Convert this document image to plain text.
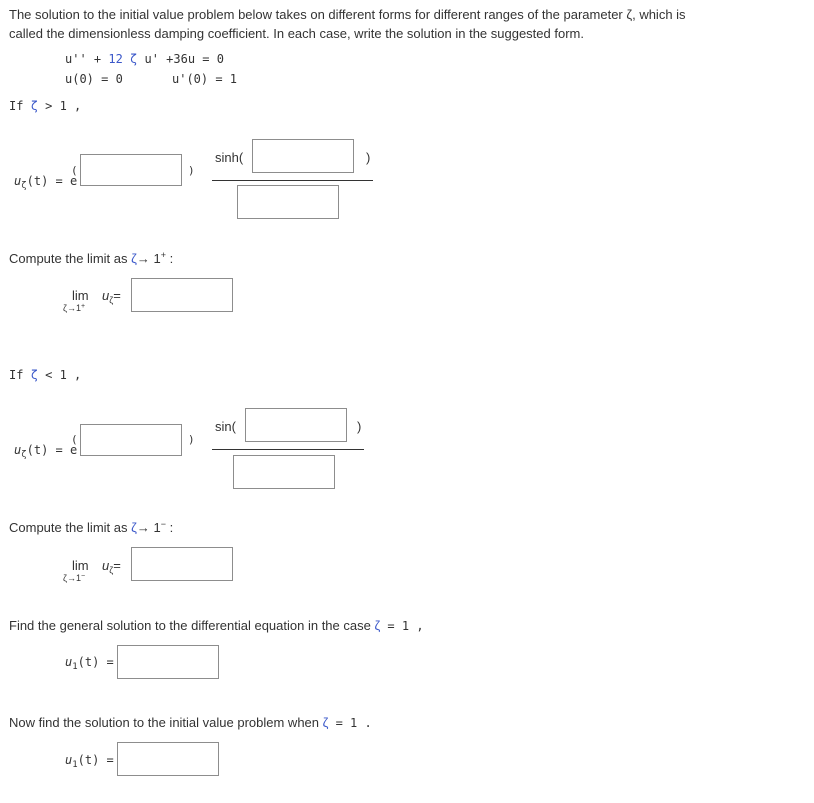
The solution to the initial value problem below takes on different forms for different ranges of the parameter ζ, which is
called the dimensionless damping coefficient. In each case, write the solution in the suggested form.
u'' + 12 ζ u' +36u = 0
u(0) = 0	u'(0) = 1
If ζ > 1 ,
$u_\zeta(t) = e$
(	)
sinh(	)
Compute the limit as ζ→ 1+ :
$\lim u_\zeta=$
ζ→1+
If ζ < 1 ,
$u_\zeta(t) = e$
(	)
sin(	)
Compute the limit as ζ→ 1− :
$\lim u_\zeta=$
ζ→1−
Find the general solution to the differential equation in the case ζ = 1 ,
$u_1(t)$ =
Now find the solution to the initial value problem when ζ = 1 .
$u_1(t)$ =
